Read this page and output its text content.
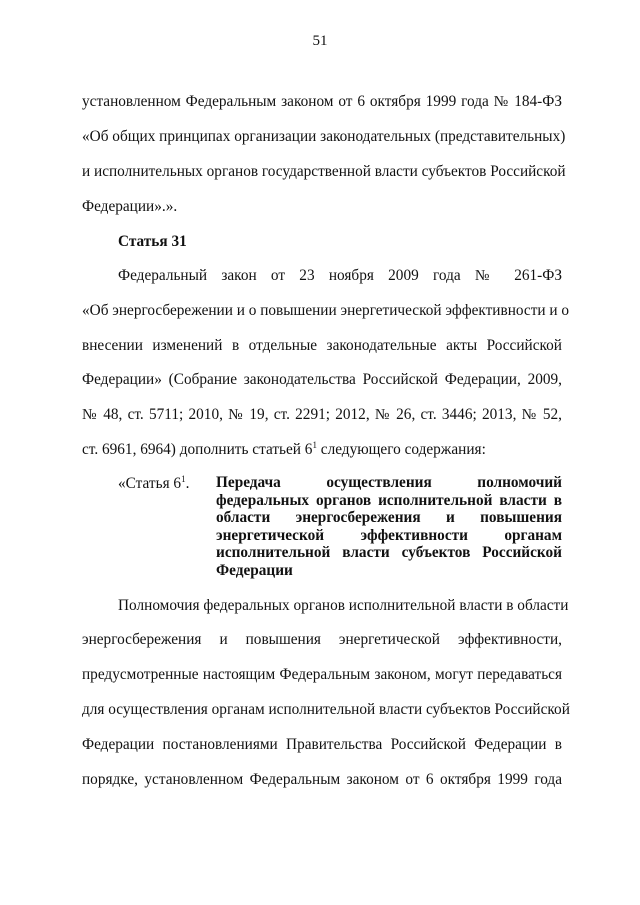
51
установленном Федеральным законом от 6 октября 1999 года № 184-ФЗ
«Об общих принципах организации законодательных (представительных)
и исполнительных органов государственной власти субъектов Российской
Федерации».».
Статья 31
Федеральный закон от 23 ноября 2009 года № 261-ФЗ
«Об энергосбережении и о повышении энергетической эффективности и о
внесении изменений в отдельные законодательные акты Российской
Федерации» (Собрание законодательства Российской Федерации, 2009,
№ 48, ст. 5711; 2010, № 19, ст. 2291; 2012, № 26, ст. 3446; 2013, № 52,
ст. 6961, 6964) дополнить статьей $6^1$ следующего содержания:
«Статья $6^1$. Передача осуществления полномочий
федеральных органов исполнительной власти в
области энергосбережения и повышения
энергетической эффективности органам
исполнительной власти субъектов Российской
Федерации
Полномочия федеральных органов исполнительной власти в области
энергосбережения и повышения энергетической эффективности,
предусмотренные настоящим Федеральным законом, могут передаваться
для осуществления органам исполнительной власти субъектов Российской
Федерации постановлениями Правительства Российской Федерации в
порядке, установленном Федеральным законом от 6 октября 1999 года
